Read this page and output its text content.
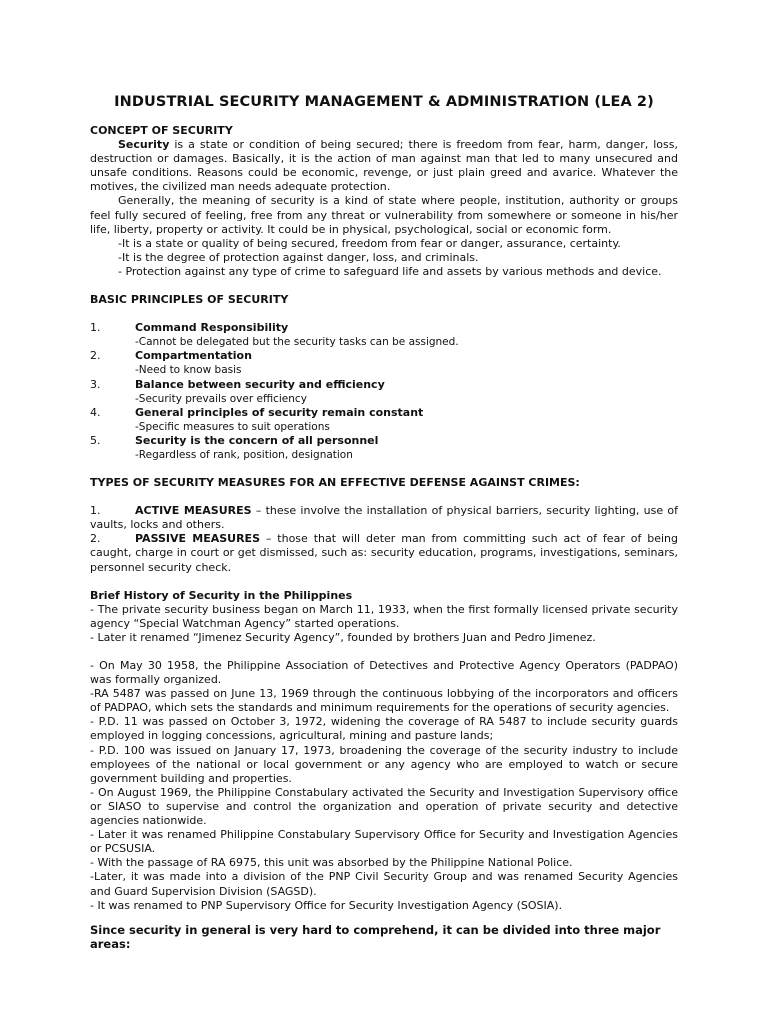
INDUSTRIAL SECURITY MANAGEMENT & ADMINISTRATION (LEA 2)

CONCEPT OF SECURITY

Security is a state or condition of being secured; there is freedom from fear, harm, danger, loss, destruction or damages. Basically, it is the action of man against man that led to many unsecured and unsafe conditions. Reasons could be economic, revenge, or just plain greed and avarice. Whatever the motives, the civilized man needs adequate protection.

Generally, the meaning of security is a kind of state where people, institution, authority or groups feel fully secured of feeling, free from any threat or vulnerability from somewhere or someone in his/her life, liberty, property or activity. It could be in physical, psychological, social or economic form.

-It is a state or quality of being secured, freedom from fear or danger, assurance, certainty.
-It is the degree of protection against danger, loss, and criminals.
- Protection against any type of crime to safeguard life and assets by various methods and device.

BASIC PRINCIPLES OF SECURITY

1.	Command Responsibility
-Cannot be delegated but the security tasks can be assigned.
2.	Compartmentation
-Need to know basis
3.	Balance between security and efficiency
-Security prevails over efficiency
4.	General principles of security remain constant
-Specific measures to suit operations
5.	Security is the concern of all personnel
-Regardless of rank, position, designation

TYPES OF SECURITY MEASURES FOR AN EFFECTIVE DEFENSE AGAINST CRIMES:

1.	ACTIVE MEASURES – these involve the installation of physical barriers, security lighting, use of vaults, locks and others.

2.	PASSIVE MEASURES – those that will deter man from committing such act of fear of being caught, charge in court or get dismissed, such as: security education, programs, investigations, seminars, personnel security check.

Brief History of Security in the Philippines

- The private security business began on March 11, 1933, when the first formally licensed private security agency “Special Watchman Agency” started operations.

- Later it renamed “Jimenez Security Agency”, founded by brothers Juan and Pedro Jimenez.

- On May 30 1958, the Philippine Association of Detectives and Protective Agency Operators (PADPAO) was formally organized.

-RA 5487 was passed on June 13, 1969 through the continuous lobbying of the incorporators and officers of PADPAO, which sets the standards and minimum requirements for the operations of security agencies.

- P.D. 11 was passed on October 3, 1972, widening the coverage of RA 5487 to include security guards employed in logging concessions, agricultural, mining and pasture lands;

- P.D. 100 was issued on January 17, 1973, broadening the coverage of the security industry to include employees of the national or local government or any agency who are employed to watch or secure government building and properties.

- On August 1969, the Philippine Constabulary activated the Security and Investigation Supervisory office or SIASO to supervise and control the organization and operation of private security and detective agencies nationwide.

- Later it was renamed Philippine Constabulary Supervisory Office for Security and Investigation Agencies or PCSUSIA.

- With the passage of RA 6975, this unit was absorbed by the Philippine National Police.

-Later, it was made into a division of the PNP Civil Security Group and was renamed Security Agencies and Guard Supervision Division (SAGSD).

- It was renamed to PNP Supervisory Office for Security Investigation Agency (SOSIA).

Since security in general is very hard to comprehend, it can be divided into three major areas:
